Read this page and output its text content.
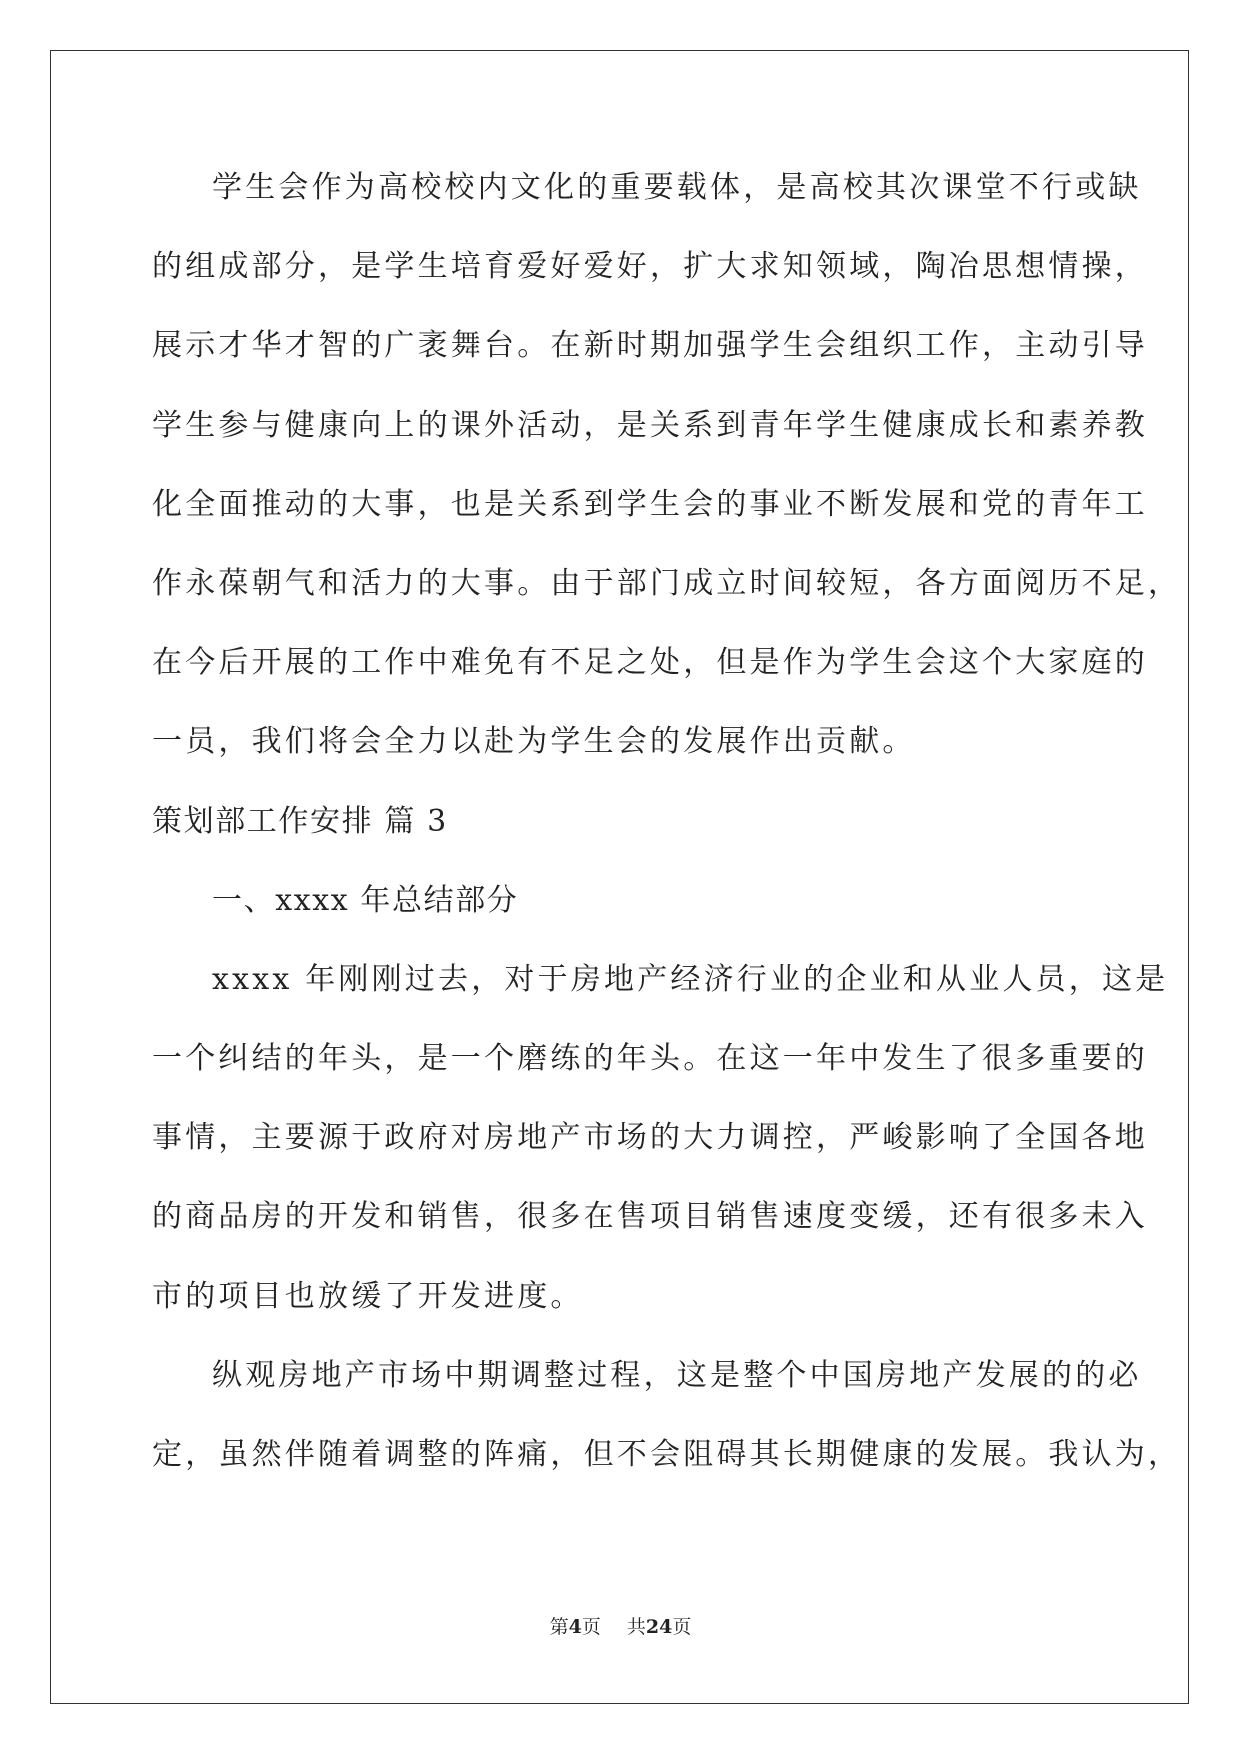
学生会作为高校校内文化的重要载体，是高校其次课堂不行或缺
的组成部分，是学生培育爱好爱好，扩大求知领域，陶冶思想情操，
展示才华才智的广袤舞台。在新时期加强学生会组织工作，主动引导
学生参与健康向上的课外活动，是关系到青年学生健康成长和素养教
化全面推动的大事，也是关系到学生会的事业不断发展和党的青年工
作永葆朝气和活力的大事。由于部门成立时间较短，各方面阅历不足，
在今后开展的工作中难免有不足之处，但是作为学生会这个大家庭的
一员，我们将会全力以赴为学生会的发展作出贡献。
策划部工作安排 篇 3
一、xxxx 年总结部分
xxxx 年刚刚过去，对于房地产经济行业的企业和从业人员，这是
一个纠结的年头，是一个磨练的年头。在这一年中发生了很多重要的
事情，主要源于政府对房地产市场的大力调控，严峻影响了全国各地
的商品房的开发和销售，很多在售项目销售速度变缓，还有很多未入
市的项目也放缓了开发进度。
纵观房地产市场中期调整过程，这是整个中国房地产发展的的必
定，虽然伴随着调整的阵痛，但不会阻碍其长期健康的发展。我认为，
第4页 共24页
